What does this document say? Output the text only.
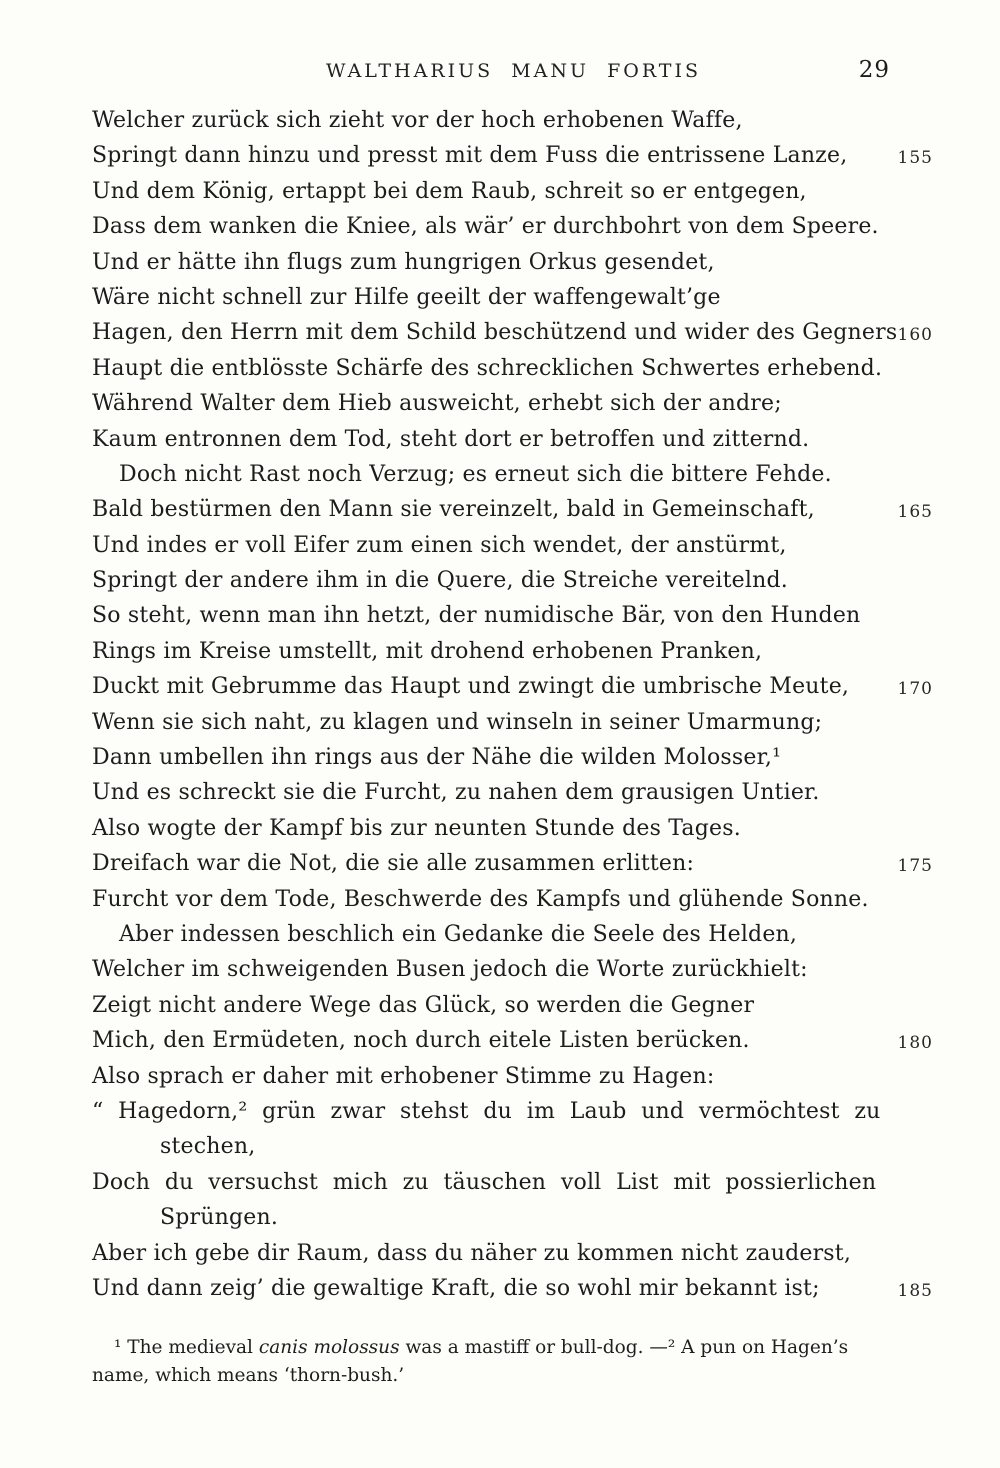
WALTHARIUS MANU FORTIS	29
Welcher zurück sich zieht vor der hoch erhobenen Waffe,
Springt dann hinzu und presst mit dem Fuss die entrissene Lanze,	155
Und dem König, ertappt bei dem Raub, schreit so er entgegen,
Dass dem wanken die Kniee, als wär’ er durchbohrt von dem Speere.
Und er hätte ihn flugs zum hungrigen Orkus gesendet,
Wäre nicht schnell zur Hilfe geeilt der waffengewalt’ge
Hagen, den Herrn mit dem Schild beschützend und wider des Gegners 160
Haupt die entblösste Schärfe des schrecklichen Schwertes erhebend.
Während Walter dem Hieb ausweicht, erhebt sich der andre;
Kaum entronnen dem Tod, steht dort er betroffen und zitternd.
Doch nicht Rast noch Verzug; es erneut sich die bittere Fehde.
Bald bestürmen den Mann sie vereinzelt, bald in Gemeinschaft,	165
Und indes er voll Eifer zum einen sich wendet, der anstürmt,
Springt der andere ihm in die Quere, die Streiche vereitelnd.
So steht, wenn man ihn hetzt, der numidische Bär, von den Hunden
Rings im Kreise umstellt, mit drohend erhobenen Pranken,
Duckt mit Gebrumme das Haupt und zwingt die umbrische Meute,	170
Wenn sie sich naht, zu klagen und winseln in seiner Umarmung;
Dann umbellen ihn rings aus der Nähe die wilden Molosser,¹
Und es schreckt sie die Furcht, zu nahen dem grausigen Untier.
Also wogte der Kampf bis zur neunten Stunde des Tages.
Dreifach war die Not, die sie alle zusammen erlitten:	175
Furcht vor dem Tode, Beschwerde des Kampfs und glühende Sonne.
Aber indessen beschlich ein Gedanke die Seele des Helden,
Welcher im schweigenden Busen jedoch die Worte zurückhielt:
Zeigt nicht andere Wege das Glück, so werden die Gegner
Mich, den Ermüdeten, noch durch eitele Listen berücken.	180
Also sprach er daher mit erhobener Stimme zu Hagen:
“ Hagedorn,² grün zwar stehst du im Laub und vermöchtest zu
stechen,
Doch du versuchst mich zu täuschen voll List mit possierlichen
Sprüngen.
Aber ich gebe dir Raum, dass du näher zu kommen nicht zauderst,
Und dann zeig’ die gewaltige Kraft, die so wohl mir bekannt ist;	185
¹ The medieval canis molossus was a mastiff or bull-dog. —² A pun on Hagen’s name, which means ‘thorn-bush.’
